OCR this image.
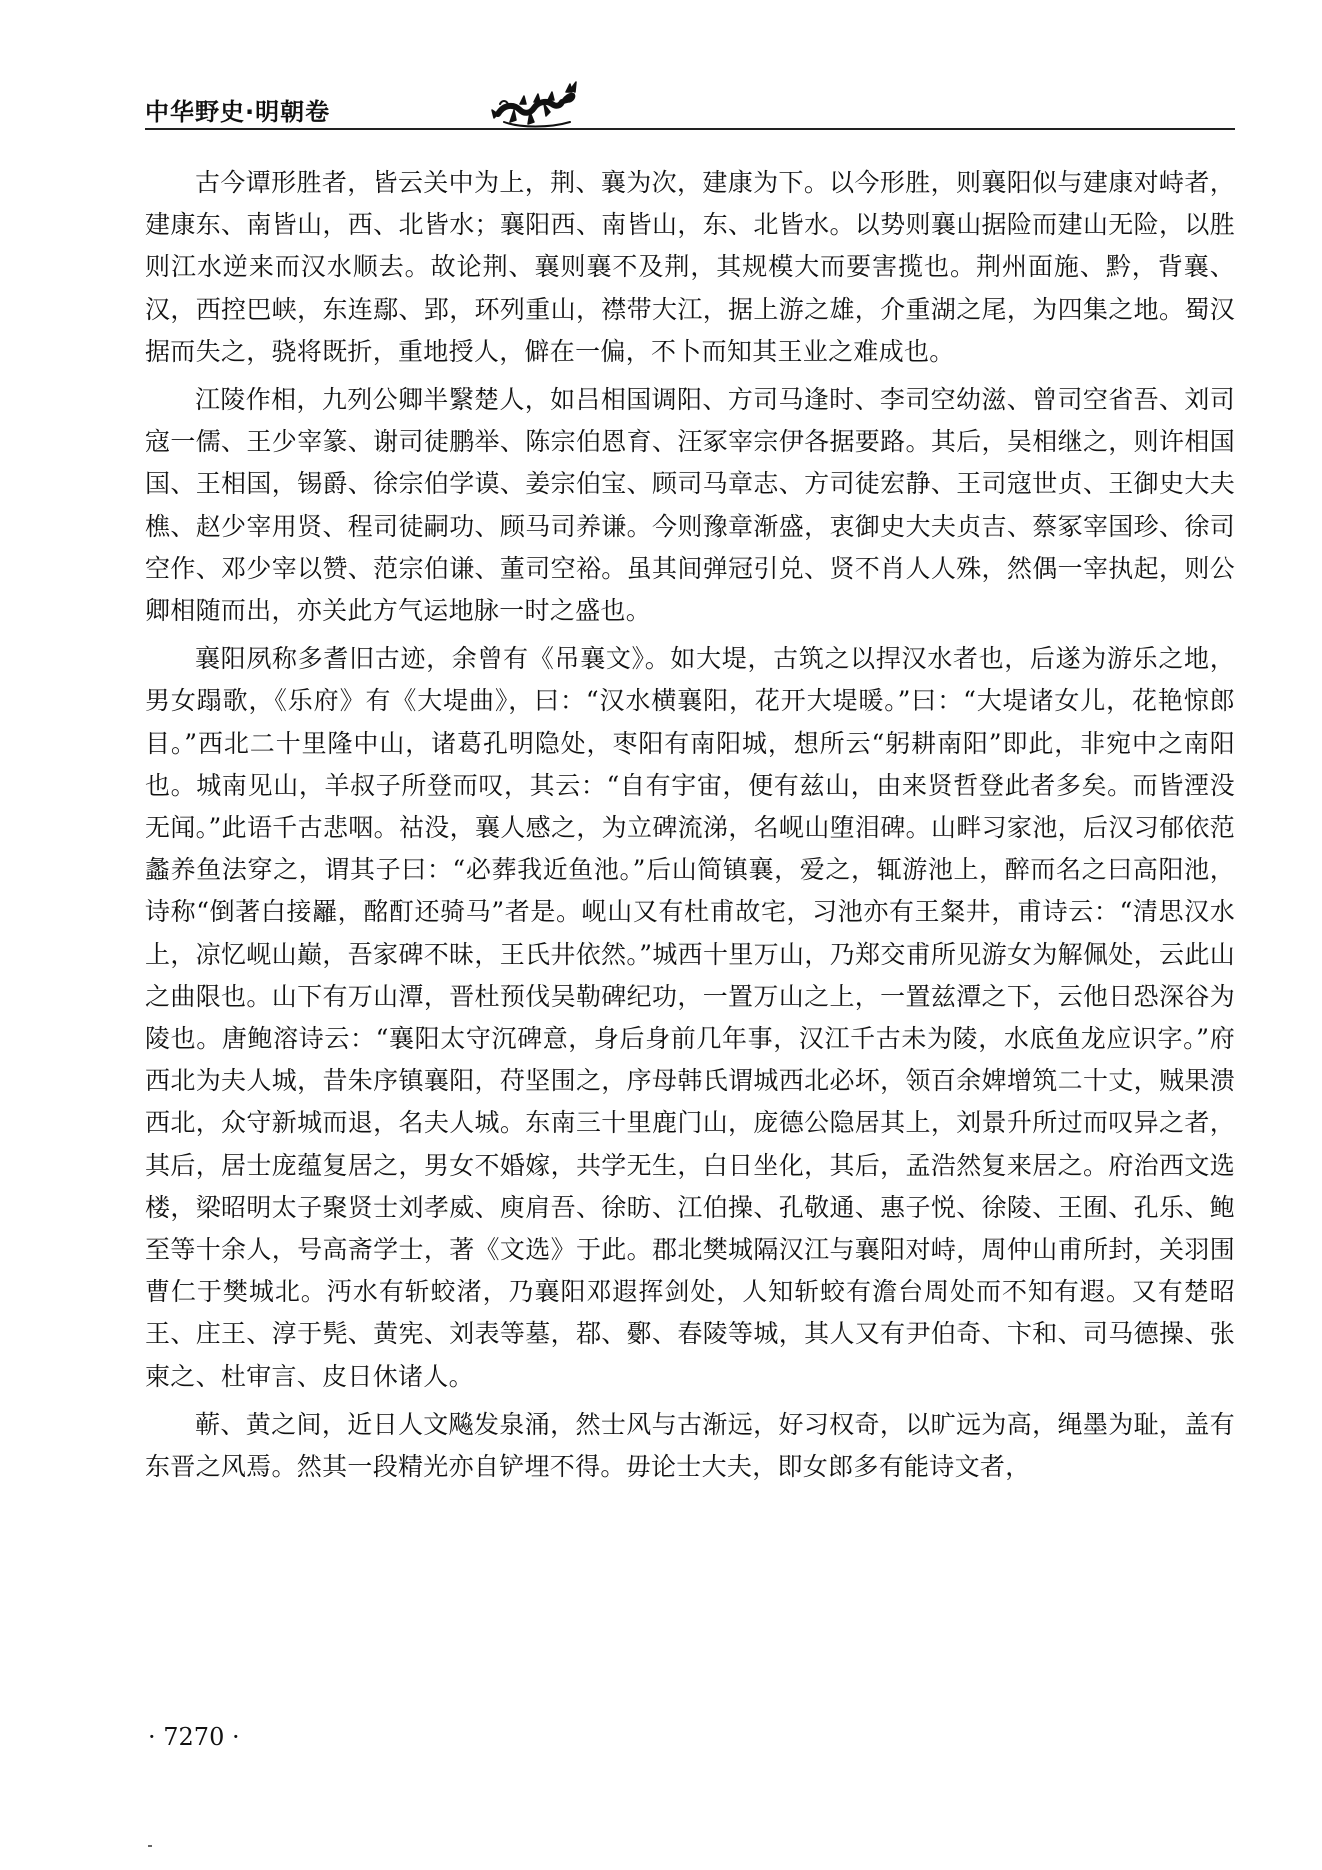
中华野史·明朝卷

古今谭形胜者，皆云关中为上，荆、襄为次，建康为下。以今形胜，则襄阳似与建康对峙者，建康东、南皆山，西、北皆水；襄阳西、南皆山，东、北皆水。以势则襄山据险而建山无险，以胜则江水逆来而汉水顺去。故论荆、襄则襄不及荆，其规模大而要害揽也。荆州面施、黔，背襄、汉，西控巴峡，东连鄢、郢，环列重山，襟带大江，据上游之雄，介重湖之尾，为四集之地。蜀汉据而失之，骁将既折，重地授人，僻在一偏，不卜而知其王业之难成也。

江陵作相，九列公卿半繄楚人，如吕相国调阳、方司马逢时、李司空幼滋、曾司空省吾、刘司寇一儒、王少宰篆、谢司徒鹏举、陈宗伯恩育、汪冢宰宗伊各据要路。其后，吴相继之，则许相国国、王相国，锡爵、徐宗伯学谟、姜宗伯宝、顾司马章志、方司徒宏静、王司寇世贞、王御史大夫樵、赵少宰用贤、程司徒嗣功、顾马司养谦。今则豫章渐盛，衷御史大夫贞吉、蔡冢宰国珍、徐司空作、邓少宰以赞、范宗伯谦、董司空裕。虽其间弹冠引兑、贤不肖人人殊，然偶一宰执起，则公卿相随而出，亦关此方气运地脉一时之盛也。

襄阳夙称多耆旧古迹，余曾有《吊襄文》。如大堤，古筑之以捍汉水者也，后遂为游乐之地，男女蹋歌，《乐府》有《大堤曲》，曰：“汉水横襄阳，花开大堤暖。”曰：“大堤诸女儿，花艳惊郎目。”西北二十里隆中山，诸葛孔明隐处，枣阳有南阳城，想所云“躬耕南阳”即此，非宛中之南阳也。城南见山，羊叔子所登而叹，其云：“自有宇宙，便有兹山，由来贤哲登此者多矣。而皆湮没无闻。”此语千古悲咽。祜没，襄人感之，为立碑流涕，名岘山堕泪碑。山畔习家池，后汉习郁依范蠡养鱼法穿之，谓其子曰：“必葬我近鱼池。”后山简镇襄，爱之，辄游池上，醉而名之曰高阳池，诗称“倒著白接䍦，酩酊还骑马”者是。岘山又有杜甫故宅，习池亦有王粲井，甫诗云：“清思汉水上，凉忆岘山巅，吾家碑不昧，王氏井依然。”城西十里万山，乃郑交甫所见游女为解佩处，云此山之曲限也。山下有万山潭，晋杜预伐吴勒碑纪功，一置万山之上，一置兹潭之下，云他日恐深谷为陵也。唐鲍溶诗云：“襄阳太守沉碑意，身后身前几年事，汉江千古未为陵，水底鱼龙应识字。”府西北为夫人城，昔朱序镇襄阳，苻坚围之，序母韩氏谓城西北必坏，领百余婢增筑二十丈，贼果溃西北，众守新城而退，名夫人城。东南三十里鹿门山，庞德公隐居其上，刘景升所过而叹异之者，其后，居士庞蕴复居之，男女不婚嫁，共学无生，白日坐化，其后，孟浩然复来居之。府治西文选楼，梁昭明太子聚贤士刘孝威、庾肩吾、徐昉、江伯操、孔敬通、惠子悦、徐陵、王囿、孔乐、鲍至等十余人，号高斋学士，著《文选》于此。郡北樊城隔汉江与襄阳对峙，周仲山甫所封，关羽围曹仁于樊城北。沔水有斩蛟渚，乃襄阳邓遐挥剑处，人知斩蛟有澹台周处而不知有遐。又有楚昭王、庄王、淳于髡、黄宪、刘表等墓，鄀、鄾、春陵等城，其人又有尹伯奇、卞和、司马德操、张柬之、杜审言、皮日休诸人。

蕲、黄之间，近日人文飚发泉涌，然士风与古渐远，好习权奇，以旷远为高，绳墨为耻，盖有东晋之风焉。然其一段精光亦自铲埋不得。毋论士大夫，即女郎多有能诗文者，

· 7270 ·
